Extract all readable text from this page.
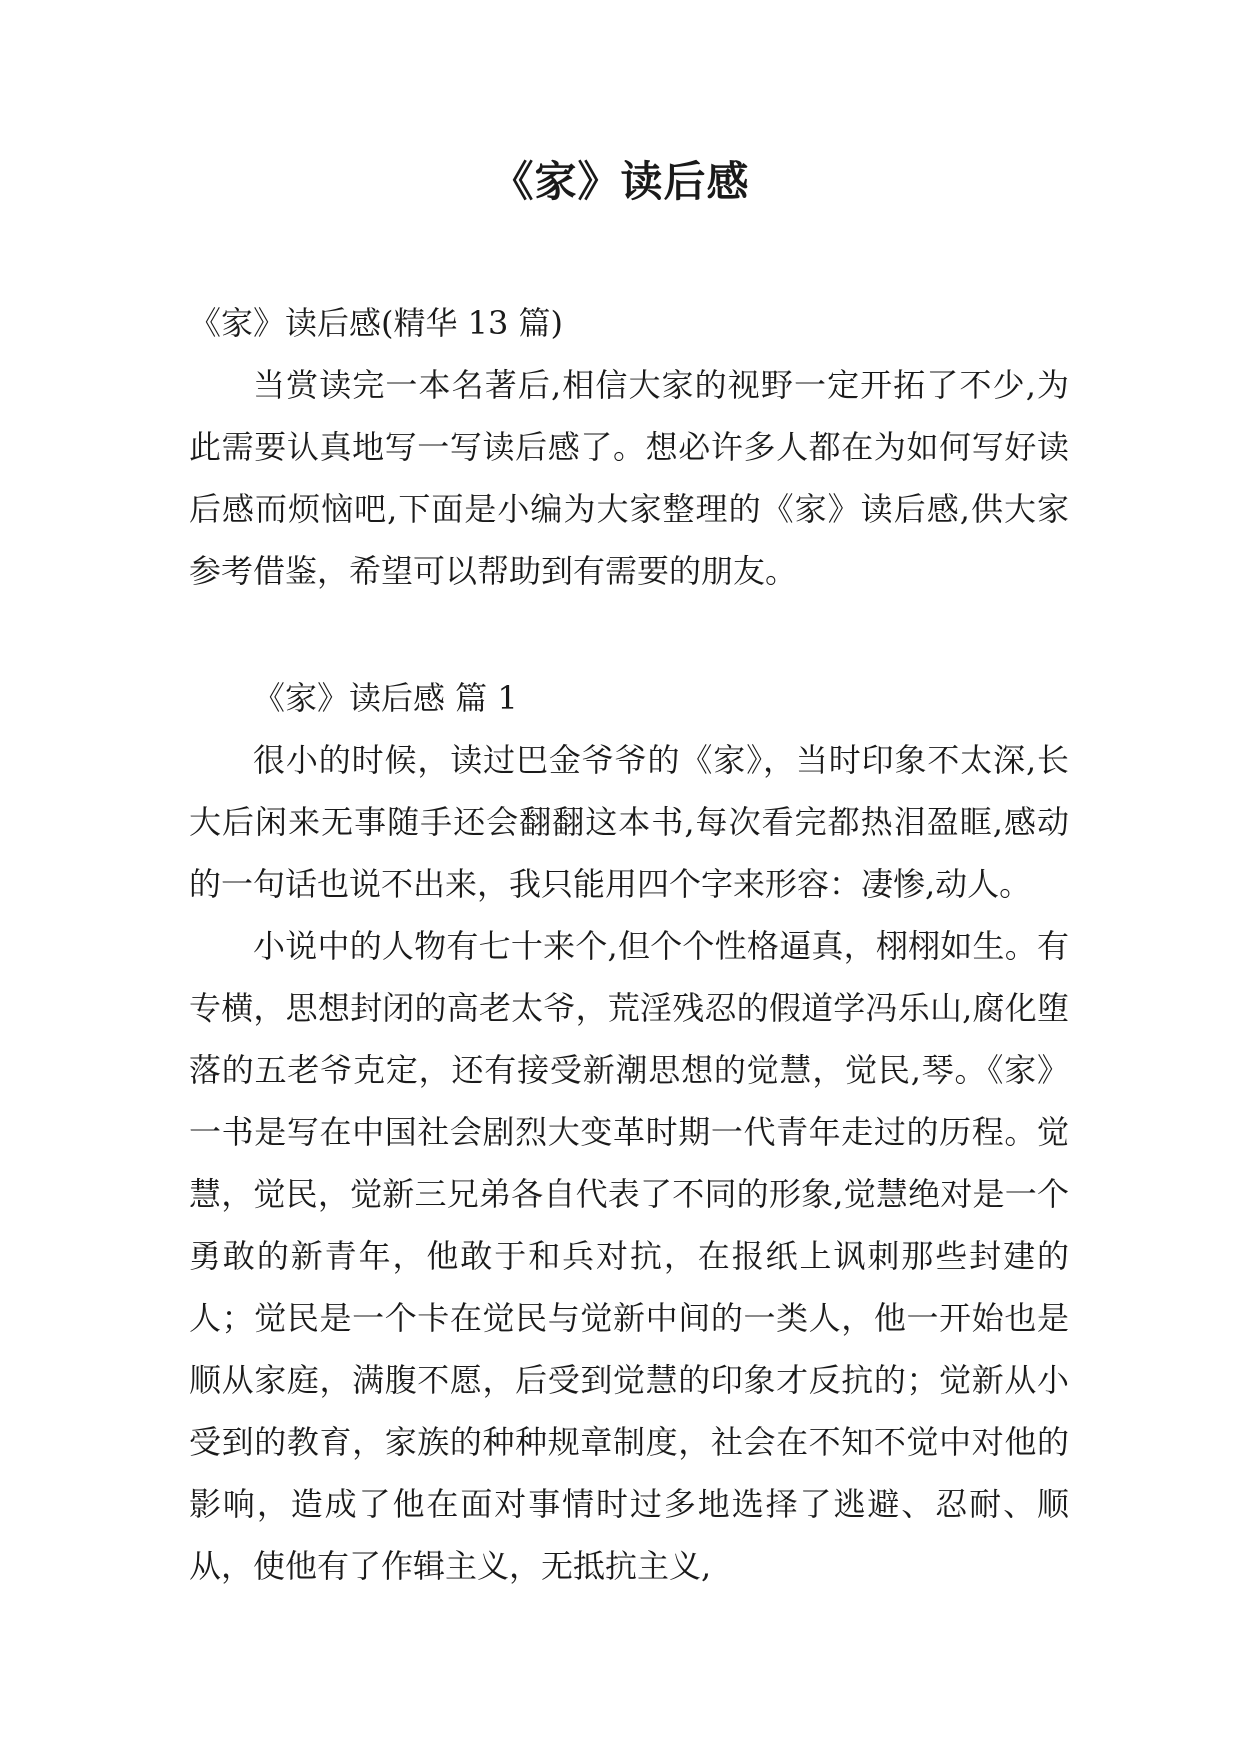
《家》读后感

《家》读后感(精华 13 篇)

当赏读完一本名著后,相信大家的视野一定开拓了不少,为此需要认真地写一写读后感了。想必许多人都在为如何写好读后感而烦恼吧,下面是小编为大家整理的《家》读后感,供大家参考借鉴，希望可以帮助到有需要的朋友。

《家》读后感 篇 1

很小的时候，读过巴金爷爷的《家》，当时印象不太深,长大后闲来无事随手还会翻翻这本书,每次看完都热泪盈眶,感动的一句话也说不出来，我只能用四个字来形容：凄惨,动人。

小说中的人物有七十来个,但个个性格逼真，栩栩如生。有专横，思想封闭的高老太爷，荒淫残忍的假道学冯乐山,腐化堕落的五老爷克定，还有接受新潮思想的觉慧，觉民,琴。《家》一书是写在中国社会剧烈大变革时期一代青年走过的历程。觉慧，觉民，觉新三兄弟各自代表了不同的形象,觉慧绝对是一个勇敢的新青年，他敢于和兵对抗，在报纸上讽刺那些封建的人；觉民是一个卡在觉民与觉新中间的一类人，他一开始也是顺从家庭，满腹不愿，后受到觉慧的印象才反抗的；觉新从小受到的教育，家族的种种规章制度，社会在不知不觉中对他的影响，造成了他在面对事情时过多地选择了逃避、忍耐、顺从，使他有了作辑主义，无抵抗主义,
